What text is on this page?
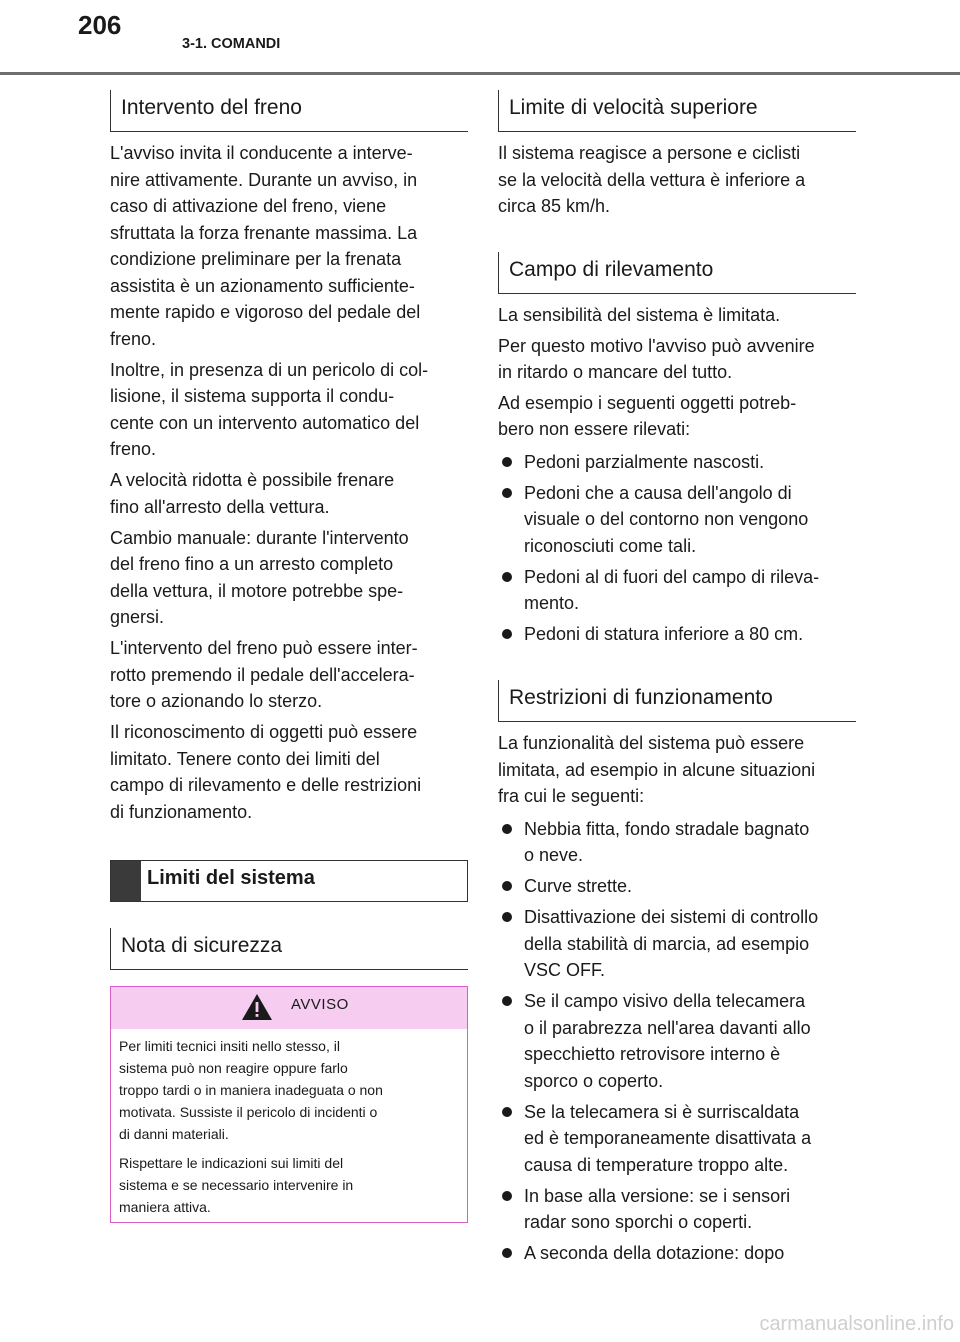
206
3-1. COMANDI
Intervento del freno

L'avviso invita il conducente a interve-
nire attivamente. Durante un avviso, in
caso di attivazione del freno, viene
sfruttata la forza frenante massima. La
condizione preliminare per la frenata
assistita è un azionamento sufficiente-
mente rapido e vigoroso del pedale del
freno.

Inoltre, in presenza di un pericolo di col-
lisione, il sistema supporta il condu-
cente con un intervento automatico del
freno.

A velocità ridotta è possibile frenare
fino all'arresto della vettura.

Cambio manuale: durante l'intervento
del freno fino a un arresto completo
della vettura, il motore potrebbe spe-
gnersi.

L'intervento del freno può essere inter-
rotto premendo il pedale dell'accelera-
tore o azionando lo sterzo.

Il riconoscimento di oggetti può essere
limitato. Tenere conto dei limiti del
campo di rilevamento e delle restrizioni
di funzionamento.

Limiti del sistema
Nota di sicurezza
AVVISO

Per limiti tecnici insiti nello stesso, il
sistema può non reagire oppure farlo
troppo tardi o in maniera inadeguata o non
motivata. Sussiste il pericolo di incidenti o
di danni materiali.

Rispettare le indicazioni sui limiti del
sistema e se necessario intervenire in
maniera attiva.

Limite di velocità superiore
Campo di rilevamento
Restrizioni di funzionamento

Il sistema reagisce a persone e ciclisti
se la velocità della vettura è inferiore a
circa 85 km/h.

La sensibilità del sistema è limitata.

Per questo motivo l'avviso può avvenire
in ritardo o mancare del tutto.

Ad esempio i seguenti oggetti potreb-
bero non essere rilevati:

Pedoni parzialmente nascosti.

Pedoni che a causa dell'angolo di
visuale o del contorno non vengono
riconosciuti come tali.

Pedoni al di fuori del campo di rileva-
mento.

Pedoni di statura inferiore a 80 cm.

La funzionalità del sistema può essere
limitata, ad esempio in alcune situazioni
fra cui le seguenti:

Nebbia fitta, fondo stradale bagnato
o neve.

Curve strette.

Disattivazione dei sistemi di controllo
della stabilità di marcia, ad esempio
VSC OFF.

Se il campo visivo della telecamera
o il parabrezza nell'area davanti allo
specchietto retrovisore interno è
sporco o coperto.

Se la telecamera si è surriscaldata
ed è temporaneamente disattivata a
causa di temperature troppo alte.

In base alla versione: se i sensori
radar sono sporchi o coperti.

A seconda della dotazione: dopo

carmanualsonline.info
